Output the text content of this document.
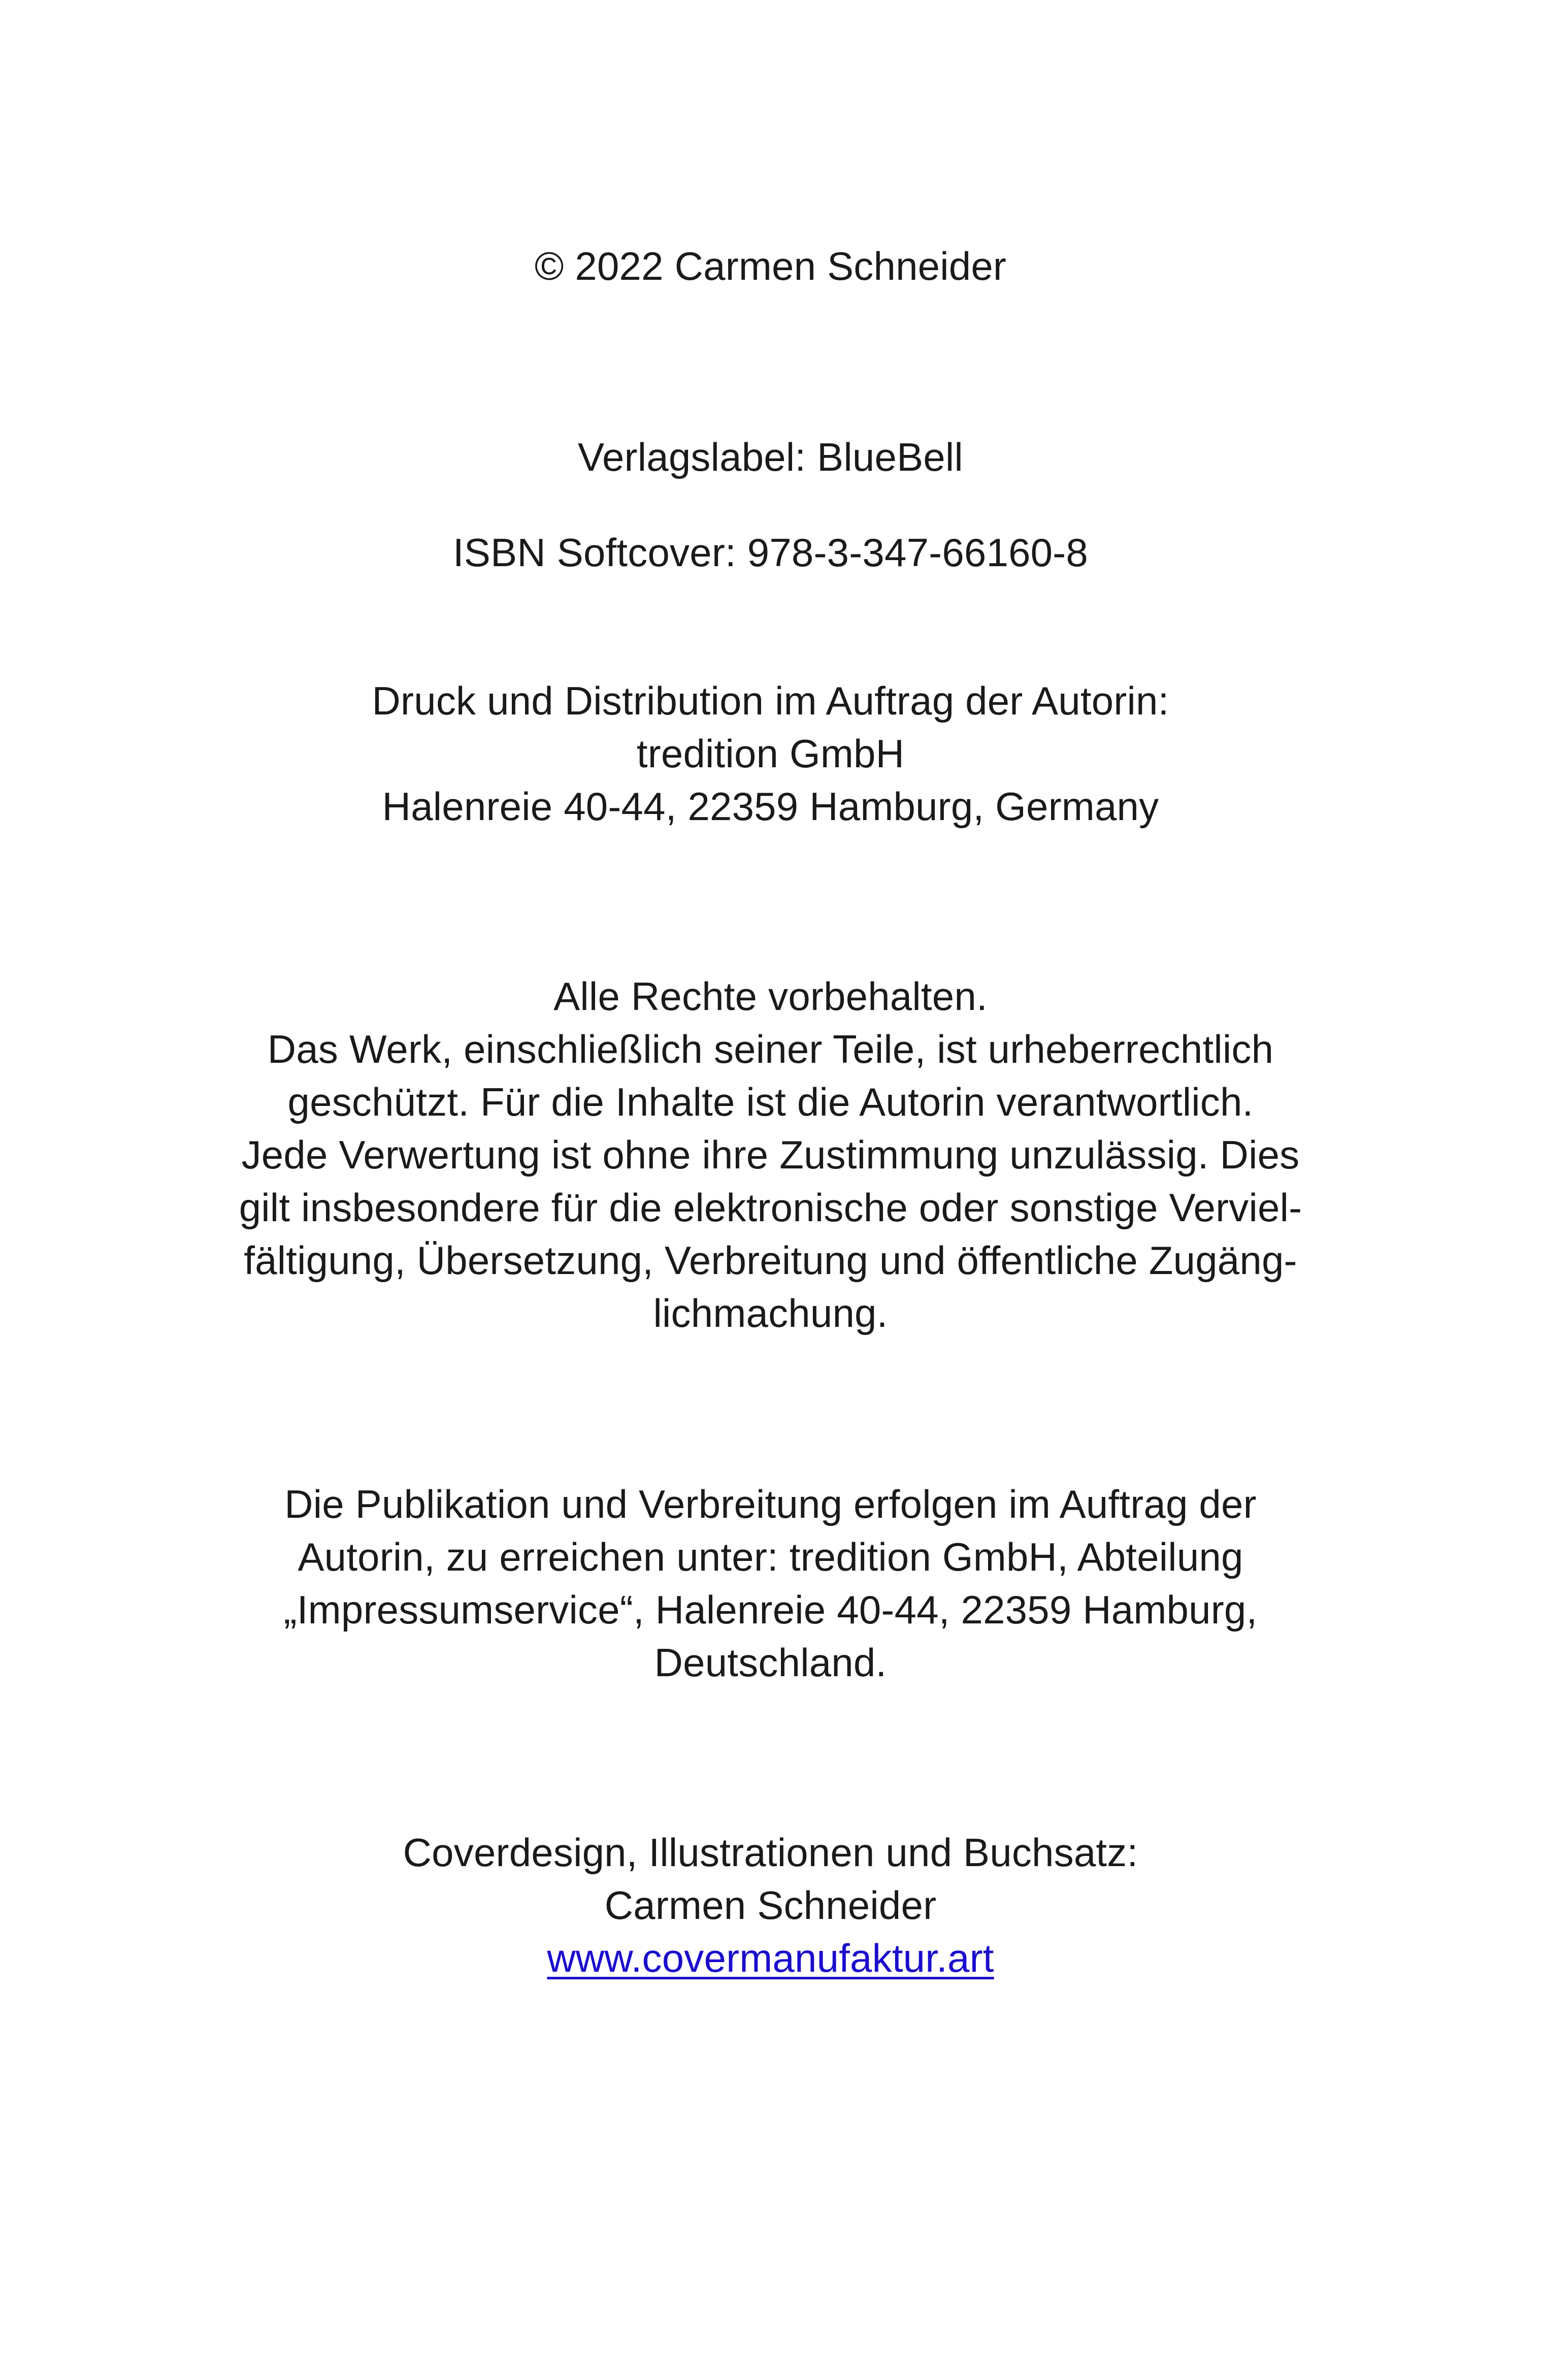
© 2022 Carmen Schneider
Verlagslabel: BlueBell
ISBN Softcover: 978-3-347-66160-8
Druck und Distribution im Auftrag der Autorin:
tredition GmbH
Halenreie 40-44, 22359 Hamburg, Germany
Alle Rechte vorbehalten.
Das Werk, einschließlich seiner Teile, ist urheberrechtlich
geschützt. Für die Inhalte ist die Autorin verantwortlich.
Jede Verwertung ist ohne ihre Zustimmung unzulässig. Dies
gilt insbesondere für die elektronische oder sonstige Verviel-
fältigung, Übersetzung, Verbreitung und öffentliche Zugäng-
lichmachung.
Die Publikation und Verbreitung erfolgen im Auftrag der
Autorin, zu erreichen unter: tredition GmbH, Abteilung
„Impressumservice“, Halenreie 40-44, 22359 Hamburg,
Deutschland.
Coverdesign, Illustrationen und Buchsatz:
Carmen Schneider
www.covermanufaktur.art
